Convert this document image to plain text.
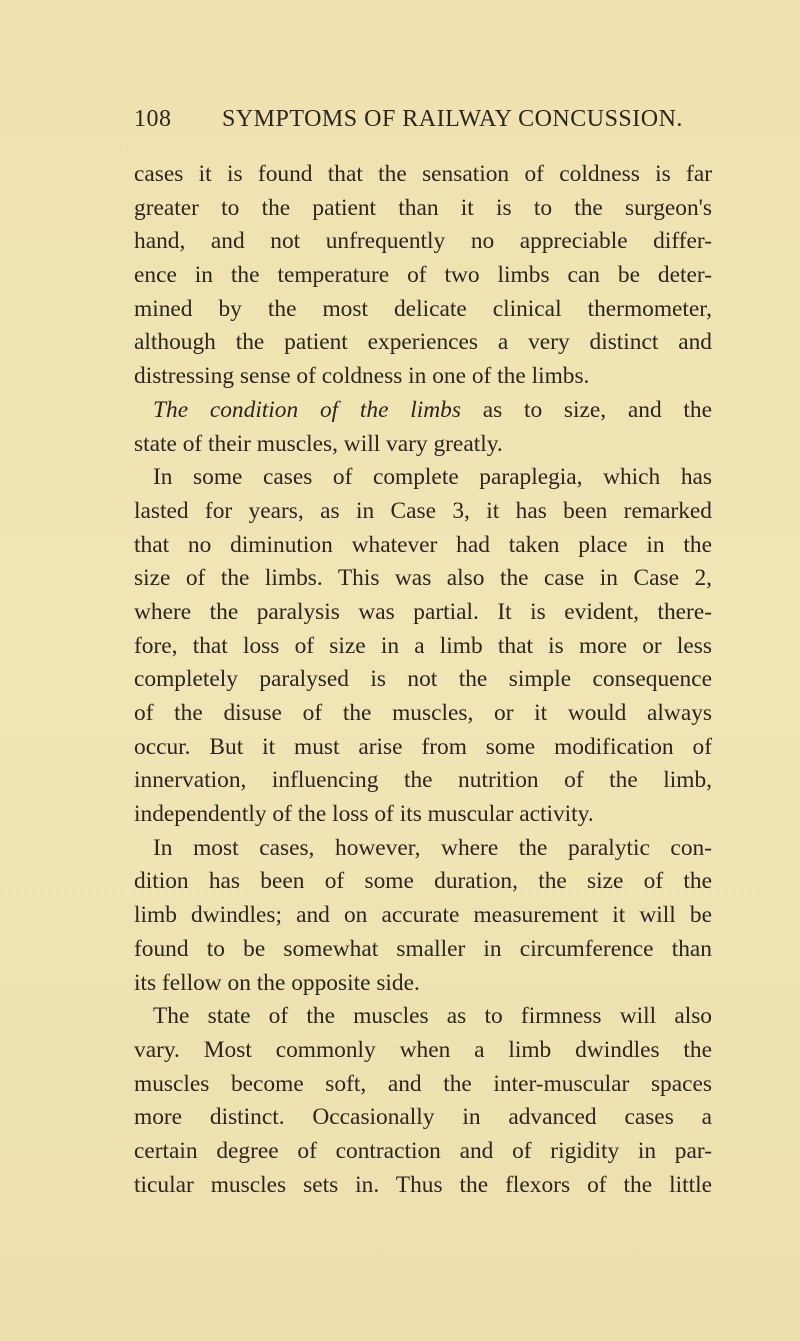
108 SYMPTOMS OF RAILWAY CONCUSSION.
cases it is found that the sensation of coldness is far
greater to the patient than it is to the surgeon's
hand, and not unfrequently no appreciable differ-
ence in the temperature of two limbs can be deter-
mined by the most delicate clinical thermometer,
although the patient experiences a very distinct and
distressing sense of coldness in one of the limbs.
The condition of the limbs as to size, and the
state of their muscles, will vary greatly.
In some cases of complete paraplegia, which has
lasted for years, as in Case 3, it has been remarked
that no diminution whatever had taken place in the
size of the limbs. This was also the case in Case 2,
where the paralysis was partial. It is evident, there-
fore, that loss of size in a limb that is more or less
completely paralysed is not the simple consequence
of the disuse of the muscles, or it would always
occur. But it must arise from some modification of
innervation, influencing the nutrition of the limb,
independently of the loss of its muscular activity.
In most cases, however, where the paralytic con-
dition has been of some duration, the size of the
limb dwindles; and on accurate measurement it will be
found to be somewhat smaller in circumference than
its fellow on the opposite side.
The state of the muscles as to firmness will also
vary. Most commonly when a limb dwindles the
muscles become soft, and the inter-muscular spaces
more distinct. Occasionally in advanced cases a
certain degree of contraction and of rigidity in par-
ticular muscles sets in. Thus the flexors of the little
